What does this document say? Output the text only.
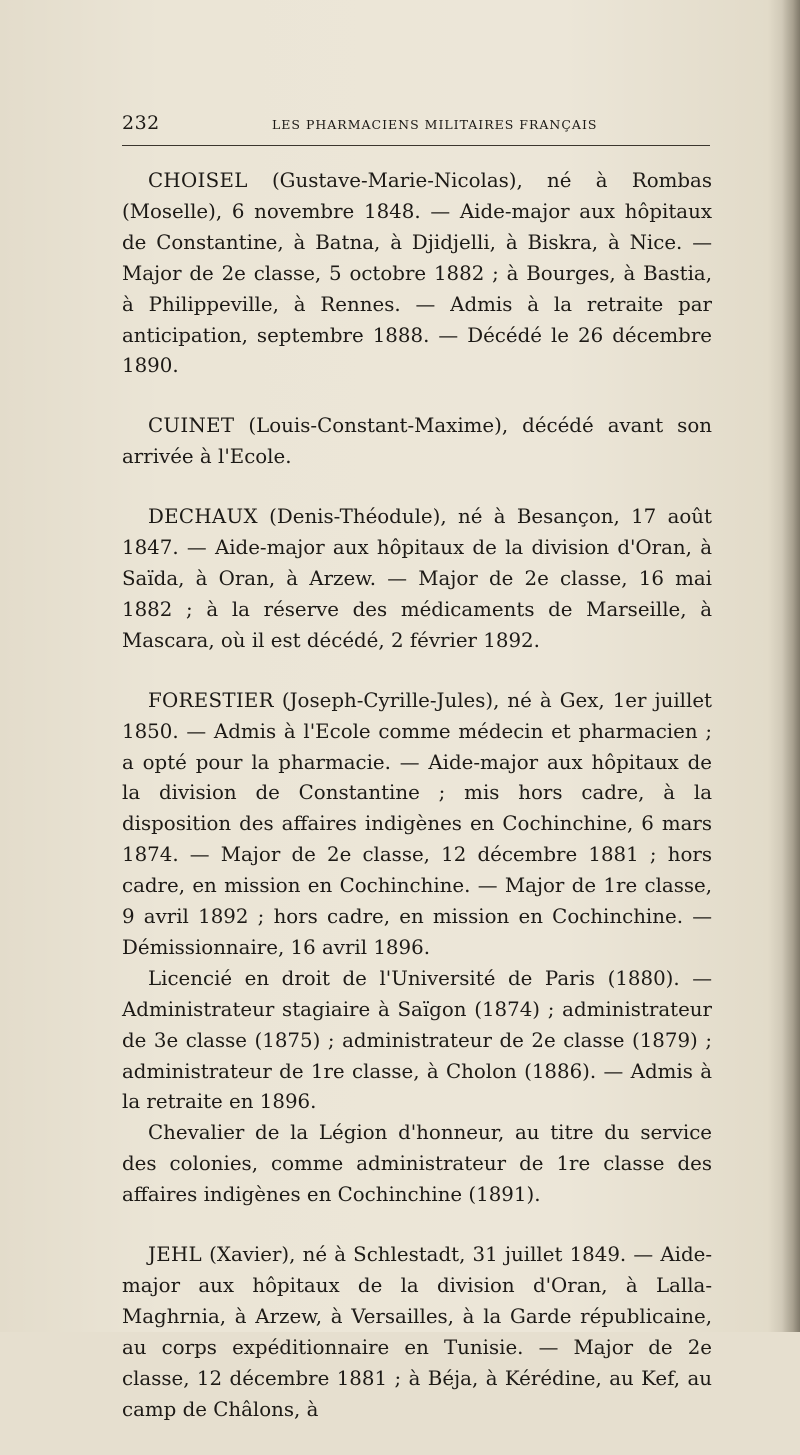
232	LES PHARMACIENS MILITAIRES FRANÇAIS

CHOISEL (Gustave-Marie-Nicolas), né à Rombas (Moselle), 6 novembre 1848. — Aide-major aux hôpitaux de Constantine, à Batna, à Djidjelli, à Biskra, à Nice. — Major de 2e classe, 5 octobre 1882 ; à Bourges, à Bastia, à Philippeville, à Rennes. — Admis à la retraite par anticipation, septembre 1888. — Décédé le 26 décembre 1890.

CUINET (Louis-Constant-Maxime), décédé avant son arrivée à l'Ecole.

DECHAUX (Denis-Théodule), né à Besançon, 17 août 1847. — Aide-major aux hôpitaux de la division d'Oran, à Saïda, à Oran, à Arzew. — Major de 2e classe, 16 mai 1882 ; à la réserve des médicaments de Marseille, à Mascara, où il est décédé, 2 février 1892.

FORESTIER (Joseph-Cyrille-Jules), né à Gex, 1er juillet 1850. — Admis à l'Ecole comme médecin et pharmacien ; a opté pour la pharmacie. — Aide-major aux hôpitaux de la division de Constantine ; mis hors cadre, à la disposition des affaires indigènes en Cochinchine, 6 mars 1874. — Major de 2e classe, 12 décembre 1881 ; hors cadre, en mission en Cochinchine. — Major de 1re classe, 9 avril 1892 ; hors cadre, en mission en Cochinchine. — Démissionnaire, 16 avril 1896.

Licencié en droit de l'Université de Paris (1880). — Administrateur stagiaire à Saïgon (1874) ; administrateur de 3e classe (1875) ; administrateur de 2e classe (1879) ; administrateur de 1re classe, à Cholon (1886). — Admis à la retraite en 1896.

Chevalier de la Légion d'honneur, au titre du service des colonies, comme administrateur de 1re classe des affaires indigènes en Cochinchine (1891).

JEHL (Xavier), né à Schlestadt, 31 juillet 1849. — Aide-major aux hôpitaux de la division d'Oran, à Lalla-Maghrnia, à Arzew, à Versailles, à la Garde républicaine, au corps expéditionnaire en Tunisie. — Major de 2e classe, 12 décembre 1881 ; à Béja, à Kérédine, au Kef, au camp de Châlons, à
